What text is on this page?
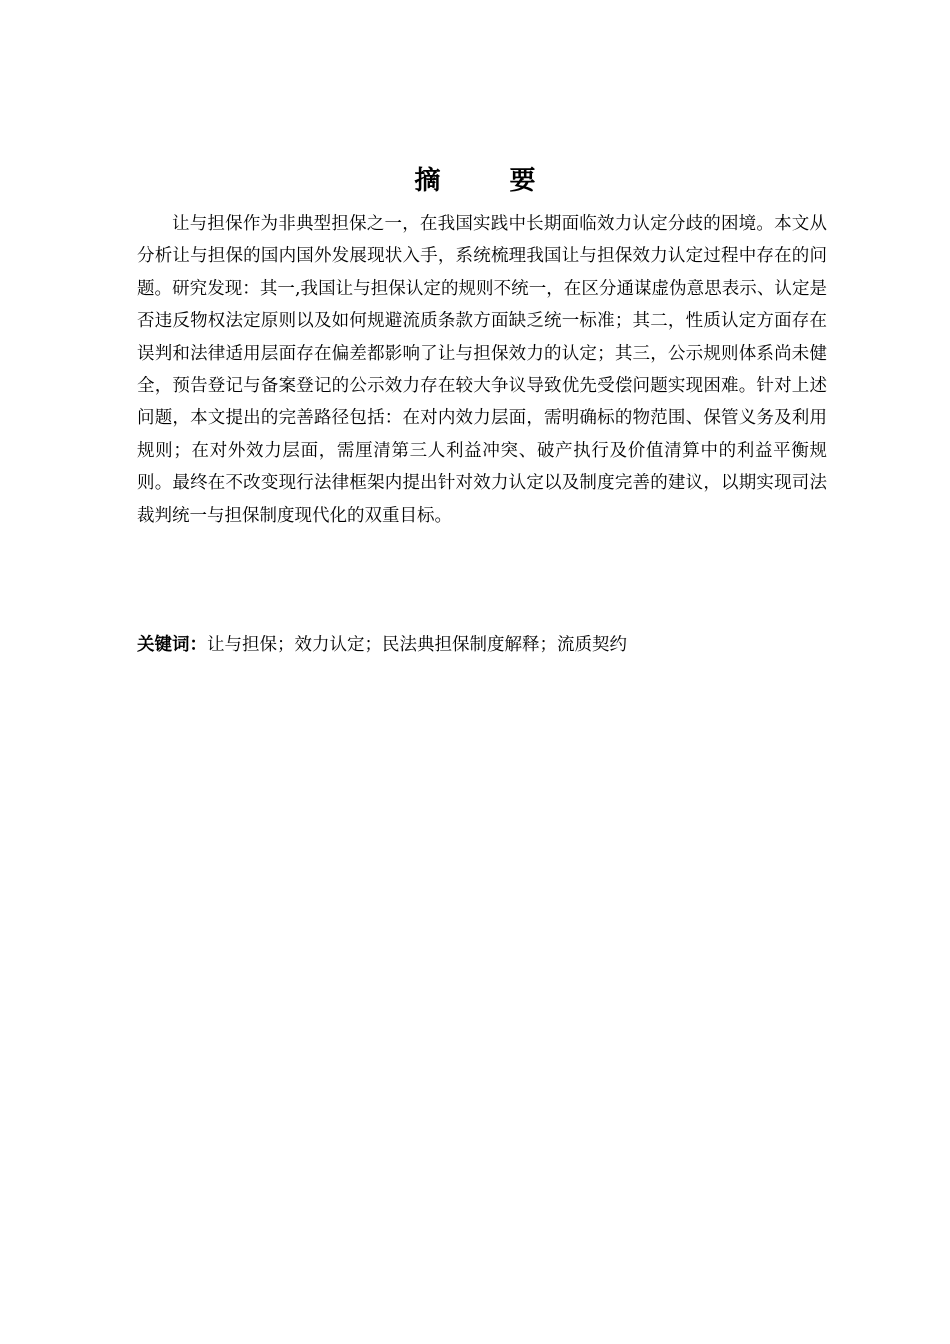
摘 要

让与担保作为非典型担保之一，在我国实践中长期面临效力认定分歧的困境。本文从分析让与担保的国内国外发展现状入手，系统梳理我国让与担保效力认定过程中存在的问题。研究发现：其一,我国让与担保认定的规则不统一，在区分通谋虚伪意思表示、认定是否违反物权法定原则以及如何规避流质条款方面缺乏统一标准；其二，性质认定方面存在误判和法律适用层面存在偏差都影响了让与担保效力的认定；其三，公示规则体系尚未健全，预告登记与备案登记的公示效力存在较大争议导致优先受偿问题实现困难。针对上述问题，本文提出的完善路径包括：在对内效力层面，需明确标的物范围、保管义务及利用规则；在对外效力层面，需厘清第三人利益冲突、破产执行及价值清算中的利益平衡规则。最终在不改变现行法律框架内提出针对效力认定以及制度完善的建议，以期实现司法裁判统一与担保制度现代化的双重目标。

关键词：让与担保；效力认定；民法典担保制度解释；流质契约
